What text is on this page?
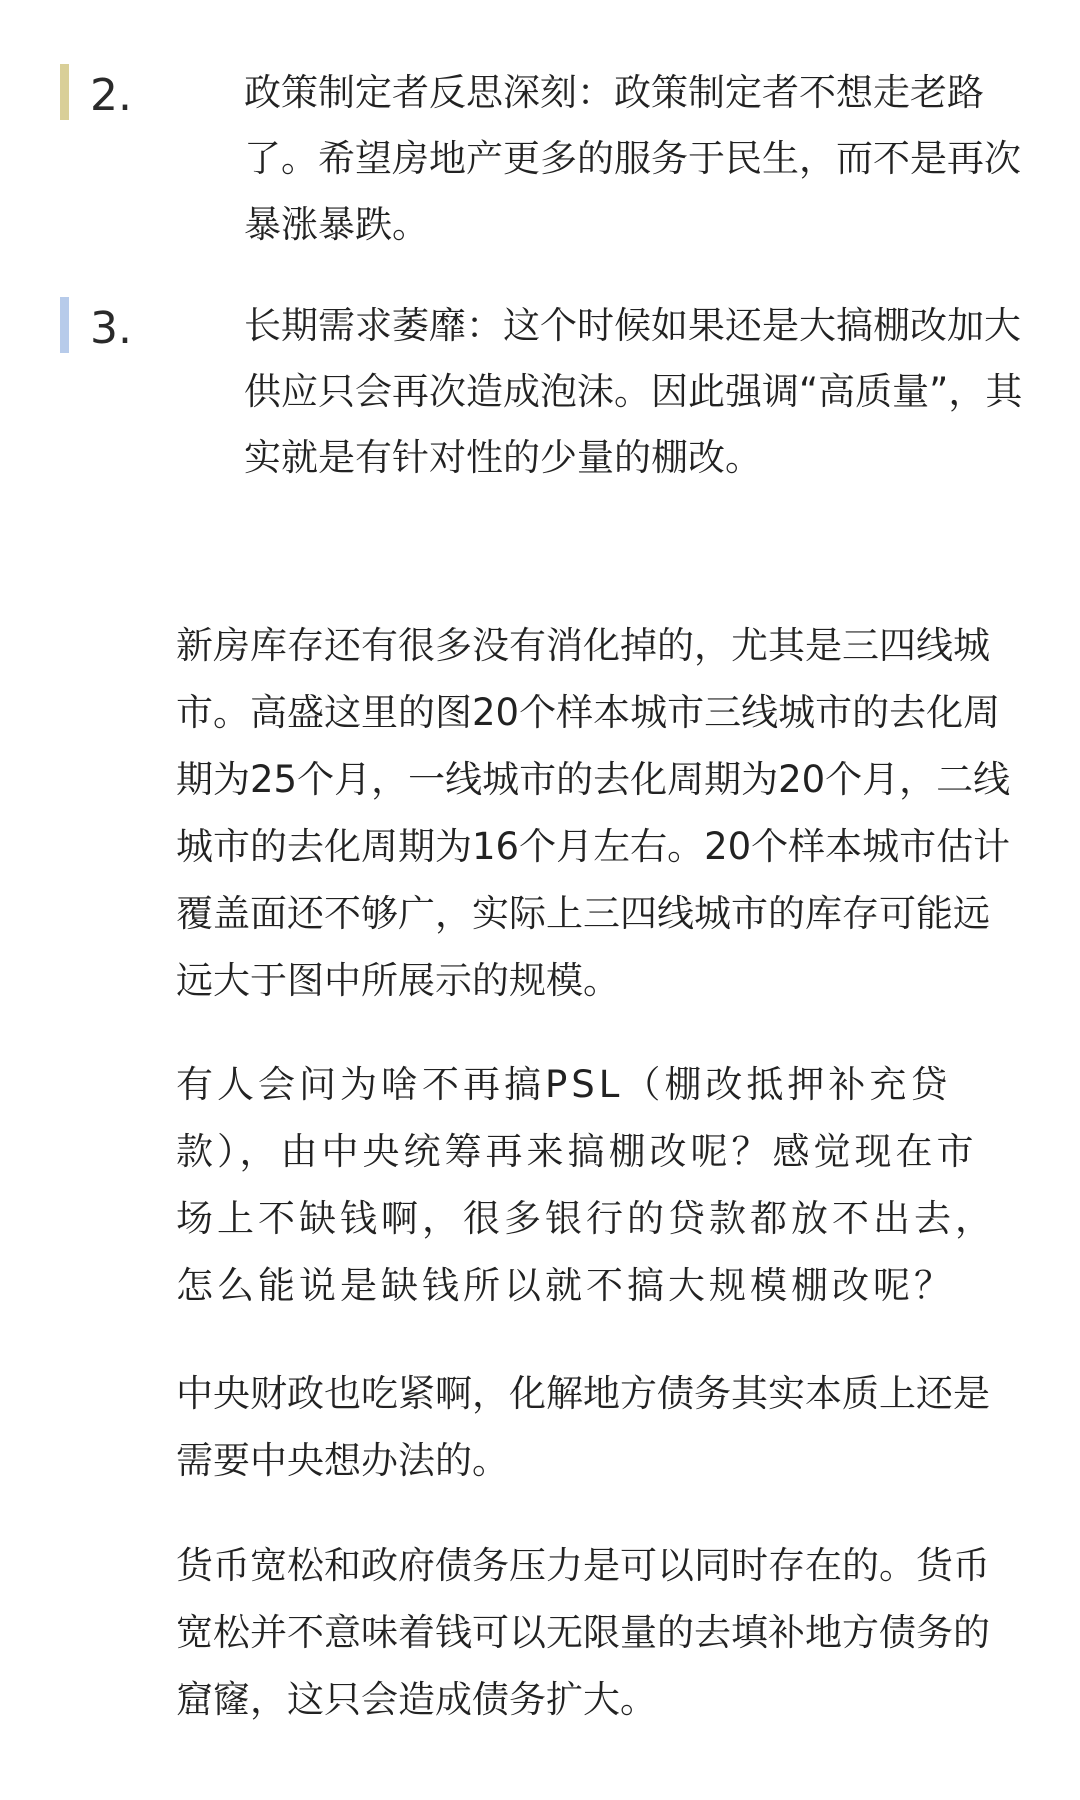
2.	政策制定者反思深刻：政策制定者不想走老路了。希望房地产更多的服务于民生，而不是再次暴涨暴跌。
3.	长期需求萎靡：这个时候如果还是大搞棚改加大供应只会再次造成泡沫。因此强调“高质量”，其实就是有针对性的少量的棚改。

新房库存还有很多没有消化掉的，尤其是三四线城市。高盛这里的图20个样本城市三线城市的去化周期为25个月，一线城市的去化周期为20个月，二线城市的去化周期为16个月左右。20个样本城市估计覆盖面还不够广，实际上三四线城市的库存可能远远大于图中所展示的规模。

有人会问为啥不再搞PSL（棚改抵押补充贷款），由中央统筹再来搞棚改呢？感觉现在市场上不缺钱啊，很多银行的贷款都放不出去，怎么能说是缺钱所以就不搞大规模棚改呢？

中央财政也吃紧啊，化解地方债务其实本质上还是需要中央想办法的。

货币宽松和政府债务压力是可以同时存在的。货币宽松并不意味着钱可以无限量的去填补地方债务的窟窿，这只会造成债务扩大。
